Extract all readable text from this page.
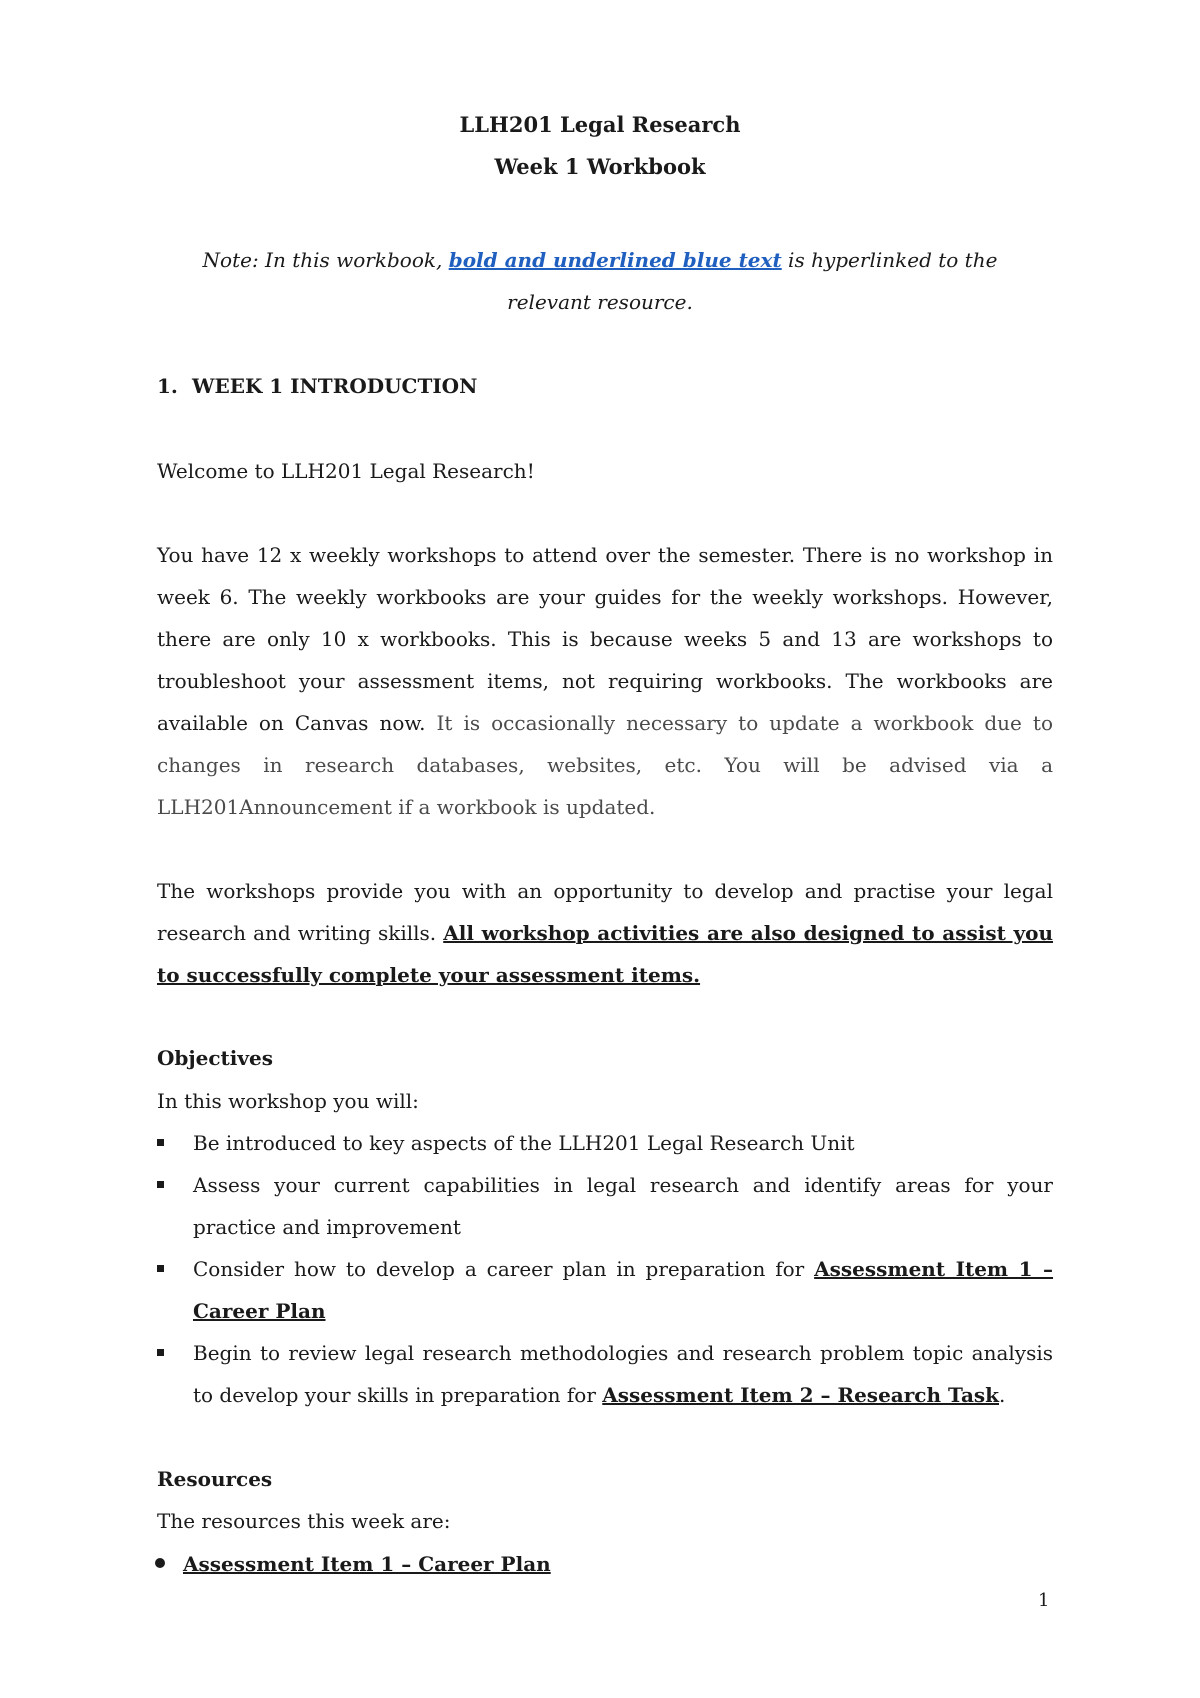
LLH201 Legal Research
Week 1 Workbook
Note: In this workbook, bold and underlined blue text is hyperlinked to the relevant resource.
1. WEEK 1 INTRODUCTION
Welcome to LLH201 Legal Research!
You have 12 x weekly workshops to attend over the semester. There is no workshop in week 6. The weekly workbooks are your guides for the weekly workshops. However, there are only 10 x workbooks. This is because weeks 5 and 13 are workshops to troubleshoot your assessment items, not requiring workbooks. The workbooks are available on Canvas now. It is occasionally necessary to update a workbook due to changes in research databases, websites, etc. You will be advised via a LLH201Announcement if a workbook is updated.
The workshops provide you with an opportunity to develop and practise your legal research and writing skills. All workshop activities are also designed to assist you to successfully complete your assessment items.
Objectives
In this workshop you will:
Be introduced to key aspects of the LLH201 Legal Research Unit
Assess your current capabilities in legal research and identify areas for your practice and improvement
Consider how to develop a career plan in preparation for Assessment Item 1 – Career Plan
Begin to review legal research methodologies and research problem topic analysis to develop your skills in preparation for Assessment Item 2 – Research Task.
Resources
The resources this week are:
Assessment Item 1 – Career Plan
1
